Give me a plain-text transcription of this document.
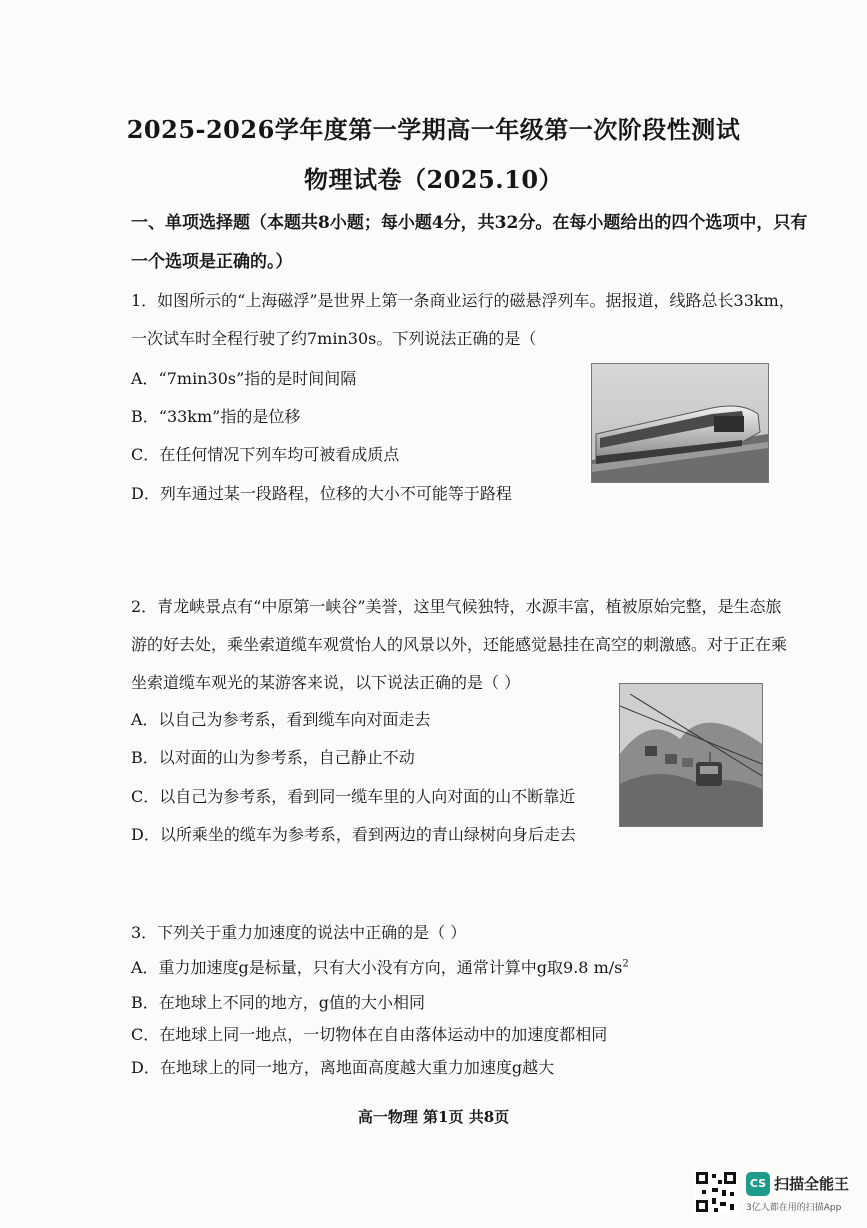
2025-2026学年度第一学期高一年级第一次阶段性测试
物理试卷（2025.10）
一、单项选择题（本题共8小题；每小题4分，共32分。在每小题给出的四个选项中，只有
一个选项是正确的。）
1．如图所示的“上海磁浮”是世界上第一条商业运行的磁悬浮列车。据报道，线路总长33km，
一次试车时全程行驶了约7min30s。下列说法正确的是（
A．“7min30s”指的是时间间隔
B．“33km”指的是位移
C．在任何情况下列车均可被看成质点
D．列车通过某一段路程，位移的大小不可能等于路程
2．青龙峡景点有“中原第一峡谷”美誉，这里气候独特，水源丰富，植被原始完整，是生态旅
游的好去处，乘坐索道缆车观赏怡人的风景以外，还能感觉悬挂在高空的刺激感。对于正在乘
坐索道缆车观光的某游客来说，以下说法正确的是（ ）
A．以自己为参考系，看到缆车向对面走去
B．以对面的山为参考系，自己静止不动
C．以自己为参考系，看到同一缆车里的人向对面的山不断靠近
D．以所乘坐的缆车为参考系，看到两边的青山绿树向身后走去
3．下列关于重力加速度的说法中正确的是（ ）
A．重力加速度g是标量，只有大小没有方向，通常计算中g取9.8 $m/s^2$
B．在地球上不同的地方，g值的大小相同
C．在地球上同一地点，一切物体在自由落体运动中的加速度都相同
D．在地球上的同一地方，离地面高度越大重力加速度g越大
高一物理 第1页 共8页
CS 扫描全能王
3亿人都在用的扫描App
